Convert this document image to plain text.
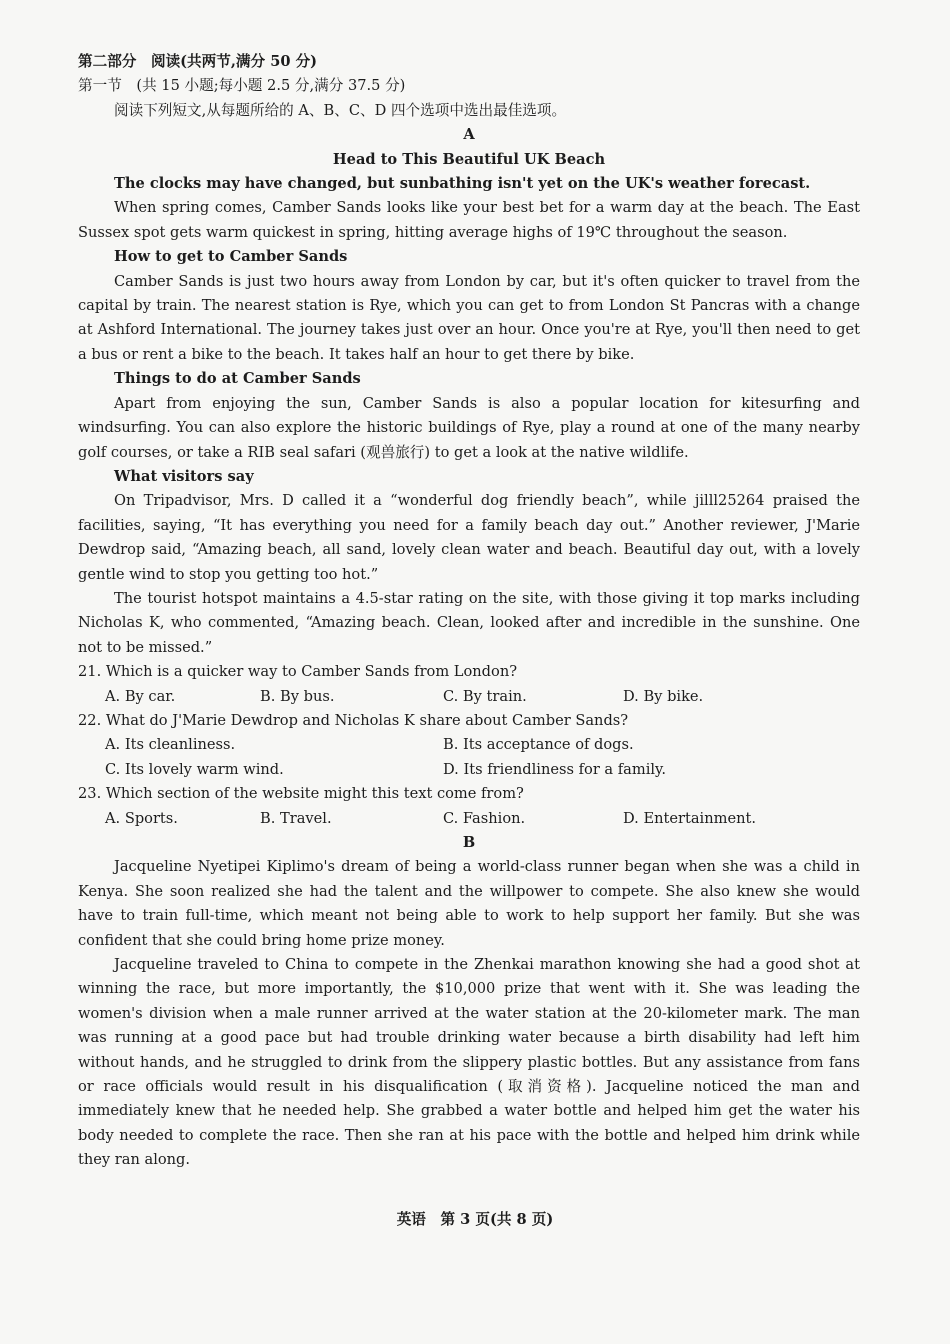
第二部分　阅读(共两节,满分 50 分)
第一节　(共 15 小题;每小题 2.5 分,满分 37.5 分)
阅读下列短文,从每题所给的 A、B、C、D 四个选项中选出最佳选项。
A
Head to This Beautiful UK Beach
The clocks may have changed, but sunbathing isn't yet on the UK's weather forecast.
When spring comes, Camber Sands looks like your best bet for a warm day at the beach. The East Sussex spot gets warm quickest in spring, hitting average highs of 19℃ throughout the season.
How to get to Camber Sands
Camber Sands is just two hours away from London by car, but it's often quicker to travel from the capital by train. The nearest station is Rye, which you can get to from London St Pancras with a change at Ashford International. The journey takes just over an hour. Once you're at Rye, you'll then need to get a bus or rent a bike to the beach. It takes half an hour to get there by bike.
Things to do at Camber Sands
Apart from enjoying the sun, Camber Sands is also a popular location for kitesurfing and windsurfing. You can also explore the historic buildings of Rye, play a round at one of the many nearby golf courses, or take a RIB seal safari (观兽旅行) to get a look at the native wildlife.
What visitors say
On Tripadvisor, Mrs. D called it a “wonderful dog friendly beach”, while jilll25264 praised the facilities, saying, “It has everything you need for a family beach day out.” Another reviewer, J'Marie Dewdrop said, “Amazing beach, all sand, lovely clean water and beach. Beautiful day out, with a lovely gentle wind to stop you getting too hot.”
The tourist hotspot maintains a 4.5-star rating on the site, with those giving it top marks including Nicholas K, who commented, “Amazing beach. Clean, looked after and incredible in the sunshine. One not to be missed.”
21. Which is a quicker way to Camber Sands from London?
A. By car.	B. By bus.	C. By train.	D. By bike.
22. What do J'Marie Dewdrop and Nicholas K share about Camber Sands?
A. Its cleanliness.	B. Its acceptance of dogs.
C. Its lovely warm wind.	D. Its friendliness for a family.
23. Which section of the website might this text come from?
A. Sports.	B. Travel.	C. Fashion.	D. Entertainment.
B
Jacqueline Nyetipei Kiplimo's dream of being a world-class runner began when she was a child in Kenya. She soon realized she had the talent and the willpower to compete. She also knew she would have to train full-time, which meant not being able to work to help support her family. But she was confident that she could bring home prize money.
Jacqueline traveled to China to compete in the Zhenkai marathon knowing she had a good shot at winning the race, but more importantly, the $10,000 prize that went with it. She was leading the women's division when a male runner arrived at the water station at the 20-kilometer mark. The man was running at a good pace but had trouble drinking water because a birth disability had left him without hands, and he struggled to drink from the slippery plastic bottles. But any assistance from fans or race officials would result in his disqualification (取消资格). Jacqueline noticed the man and immediately knew that he needed help. She grabbed a water bottle and helped him get the water his body needed to complete the race. Then she ran at his pace with the bottle and helped him drink while they ran along.
英语　第 3 页(共 8 页)
